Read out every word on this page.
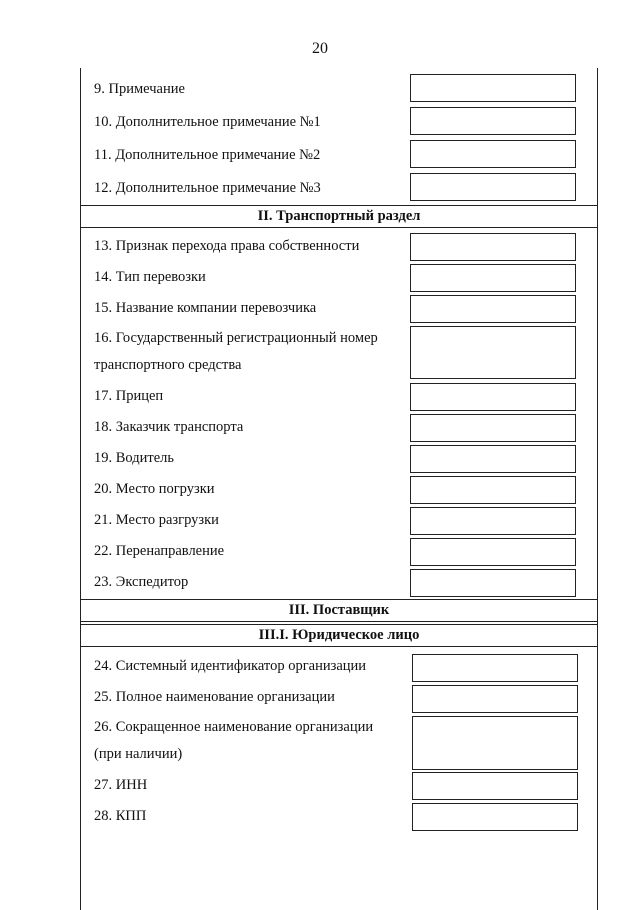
20
9. Примечание
10. Дополнительное примечание №1
11. Дополнительное примечание №2
12. Дополнительное примечание №3
II. Транспортный раздел
13. Признак перехода права собственности
14. Тип перевозки
15. Название компании перевозчика
16. Государственный регистрационный номер транспортного средства
17. Прицеп
18. Заказчик транспорта
19. Водитель
20. Место погрузки
21. Место разгрузки
22. Перенаправление
23. Экспедитор
III. Поставщик
III.I. Юридическое лицо
24. Системный идентификатор организации
25. Полное наименование организации
26. Сокращенное наименование организации (при наличии)
27. ИНН
28. КПП
